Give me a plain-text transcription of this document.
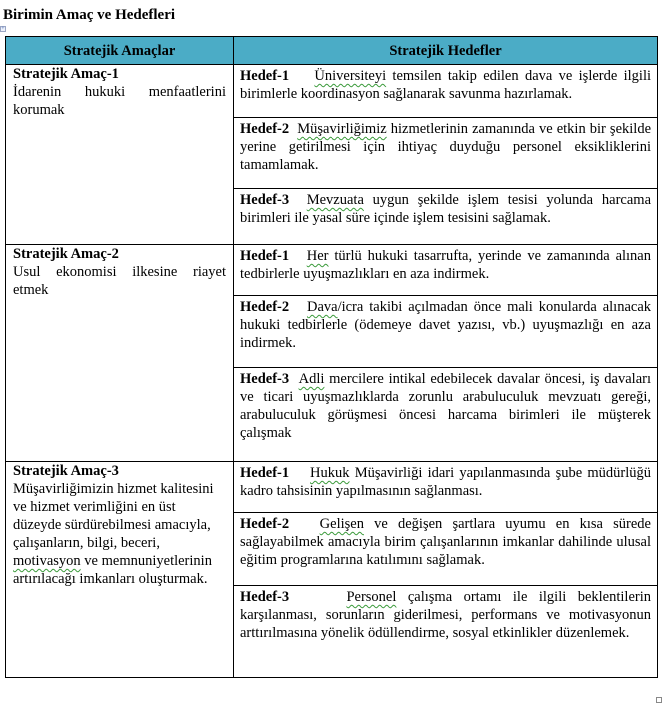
Birimin Amaç ve Hedefleri
+
Stratejik Amaçlar	Stratejik Hedefler

Stratejik Amaç-1
İdarenin hukuki menfaatlerini korumak	Hedef-1 Üniversiteyi temsilen takip edilen dava ve işlerde ilgili birimlerle koordinasyon sağlanarak savunma hazırlamak.
	Hedef-2 Müşavirliğimiz hizmetlerinin zamanında ve etkin bir şekilde yerine getirilmesi için ihtiyaç duyduğu personel eksikliklerini tamamlamak.
	Hedef-3 Mevzuata uygun şekilde işlem tesisi yolunda harcama birimleri ile yasal süre içinde işlem tesisini sağlamak.

Stratejik Amaç-2
Usul ekonomisi ilkesine riayet etmek	Hedef-1 Her türlü hukuki tasarrufta, yerinde ve zamanında alınan tedbirlerle uyuşmazlıkları en aza indirmek.
	Hedef-2 Dava/icra takibi açılmadan önce mali konularda alınacak hukuki tedbirlerle (ödemeye davet yazısı, vb.) uyuşmazlığı en aza indirmek.
	Hedef-3 Adli mercilere intikal edebilecek davalar öncesi, iş davaları ve ticari uyuşmazlıklarda zorunlu arabuluculuk mevzuatı gereği, arabuluculuk görüşmesi öncesi harcama birimleri ile müşterek çalışmak

Stratejik Amaç-3
Müşavirliğimizin hizmet kalitesini ve hizmet verimliğini en üst düzeyde sürdürebilmesi amacıyla, çalışanların, bilgi, beceri, motivasyon ve memnuniyetlerinin artırılacağı imkanları oluşturmak.	Hedef-1 Hukuk Müşavirliği idari yapılanmasında şube müdürlüğü kadro tahsisinin yapılmasının sağlanması.
	Hedef-2 Gelişen ve değişen şartlara uyumu en kısa sürede sağlayabilmek amacıyla birim çalışanlarının imkanlar dahilinde ulusal eğitim programlarına katılımını sağlamak.
	Hedef-3 Personel çalışma ortamı ile ilgili beklentilerin karşılanması, sorunların giderilmesi, performans ve motivasyonun arttırılmasına yönelik ödüllendirme, sosyal etkinlikler düzenlemek.
